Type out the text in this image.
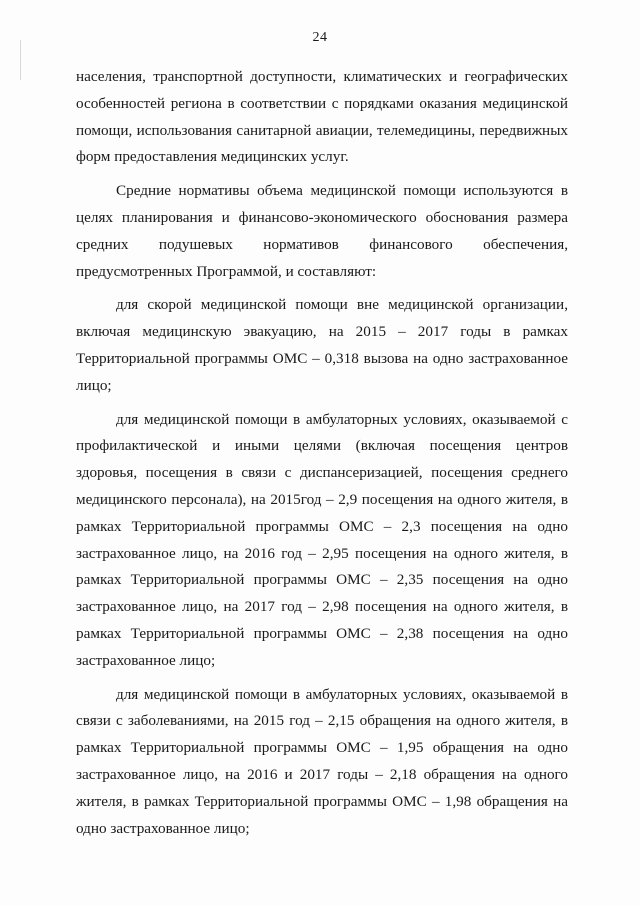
24
населения, транспортной доступности, климатических и географических
особенностей региона в соответствии с порядками оказания медицинской
помощи, использования санитарной авиации, телемедицины, передвижных
форм предоставления медицинских услуг.
Средние нормативы объема медицинской помощи используются в
целях планирования и финансово-экономического обоснования размера
средних подушевых нормативов финансового обеспечения,
предусмотренных Программой, и составляют:
для скорой медицинской помощи вне медицинской организации,
включая медицинскую эвакуацию, на 2015 – 2017 годы в рамках
Территориальной программы ОМС – 0,318 вызова на одно застрахованное
лицо;
для медицинской помощи в амбулаторных условиях, оказываемой с
профилактической и иными целями (включая посещения центров
здоровья, посещения в связи с диспансеризацией, посещения среднего
медицинского персонала), на 2015год – 2,9 посещения на одного жителя, в
рамках Территориальной программы ОМС – 2,3 посещения на одно
застрахованное лицо, на 2016 год – 2,95 посещения на одного жителя, в
рамках Территориальной программы ОМС – 2,35 посещения на одно
застрахованное лицо, на 2017 год – 2,98 посещения на одного жителя, в
рамках Территориальной программы ОМС – 2,38 посещения на одно
застрахованное лицо;
для медицинской помощи в амбулаторных условиях, оказываемой в
связи с заболеваниями, на 2015 год – 2,15 обращения на одного жителя, в
рамках Территориальной программы ОМС – 1,95 обращения на одно
застрахованное лицо, на 2016 и 2017 годы – 2,18 обращения на одного
жителя, в рамках Территориальной программы ОМС – 1,98 обращения на
одно застрахованное лицо;
